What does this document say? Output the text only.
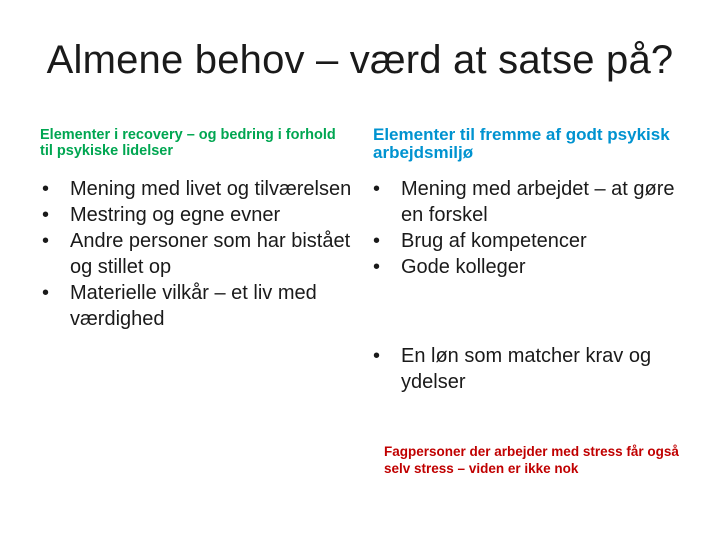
Almene behov – værd at satse på?
Elementer i recovery – og bedring i forhold til psykiske lidelser
Elementer til fremme af godt psykisk arbejdsmiljø
• Mening med livet og tilværelsen
• Mestring og egne evner
• Andre personer som har bistået og stillet op
• Materielle vilkår – et liv med værdighed
• Mening med arbejdet – at gøre en forskel
• Brug af kompetencer
• Gode kolleger
• En løn som matcher krav og ydelser
Fagpersoner der arbejder med stress får også selv stress – viden er ikke nok
